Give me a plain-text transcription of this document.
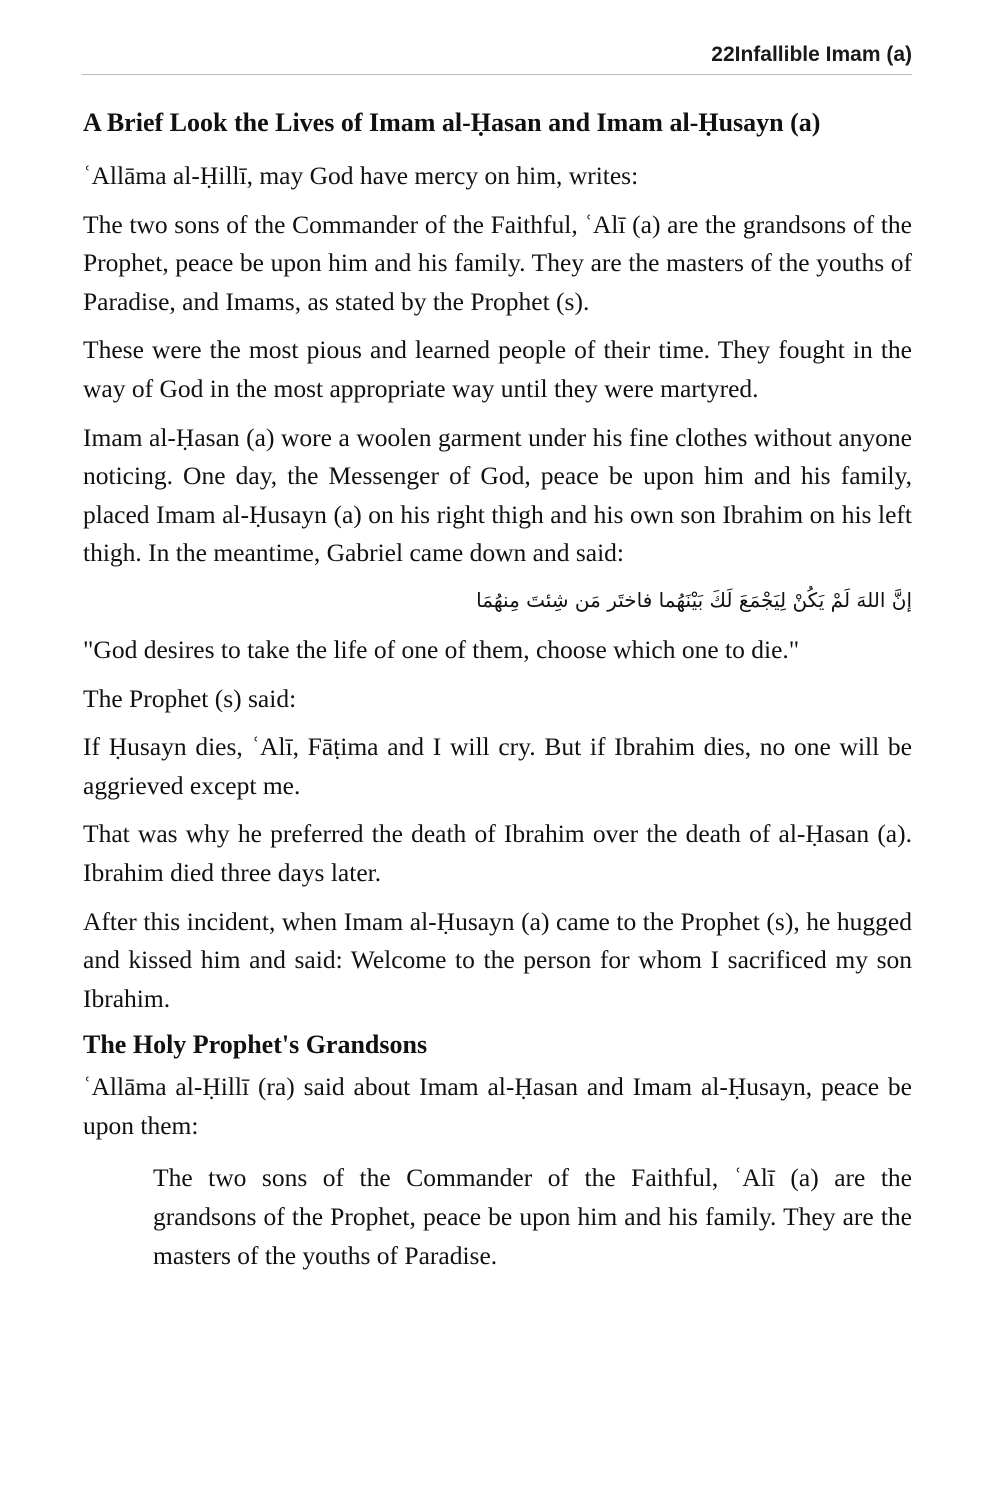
22Infallible Imam (a)
A Brief Look the Lives of Imam al-Ḥasan and Imam al-Ḥusayn (a)

ʿAllāma al-Ḥillī, may God have mercy on him, writes:

The two sons of the Commander of the Faithful, ʿAlī (a) are the grandsons of the Prophet, peace be upon him and his family. They are the masters of the youths of Paradise, and Imams, as stated by the Prophet (s).

These were the most pious and learned people of their time. They fought in the way of God in the most appropriate way until they were martyred.

Imam al-Ḥasan (a) wore a woolen garment under his fine clothes without anyone noticing. One day, the Messenger of God, peace be upon him and his family, placed Imam al-Ḥusayn (a) on his right thigh and his own son Ibrahim on his left thigh. In the meantime, Gabriel came down and said:

إنَّ اللهَ لَمْ يَكُنْ لِيَجْمَعَ لَكَ بَيْنَهُما فاختَر مَن شِئتَ مِنهُمَا

"God desires to take the life of one of them, choose which one to die."

The Prophet (s) said:

If Ḥusayn dies, ʿAlī, Fāṭima and I will cry. But if Ibrahim dies, no one will be aggrieved except me.

That was why he preferred the death of Ibrahim over the death of al-Ḥasan (a). Ibrahim died three days later.

After this incident, when Imam al-Ḥusayn (a) came to the Prophet (s), he hugged and kissed him and said: Welcome to the person for whom I sacrificed my son Ibrahim.

The Holy Prophet's Grandsons

ʿAllāma al-Ḥillī (ra) said about Imam al-Ḥasan and Imam al-Ḥusayn, peace be upon them:

The two sons of the Commander of the Faithful, ʿAlī (a) are the grandsons of the Prophet, peace be upon him and his family. They are the masters of the youths of Paradise.
